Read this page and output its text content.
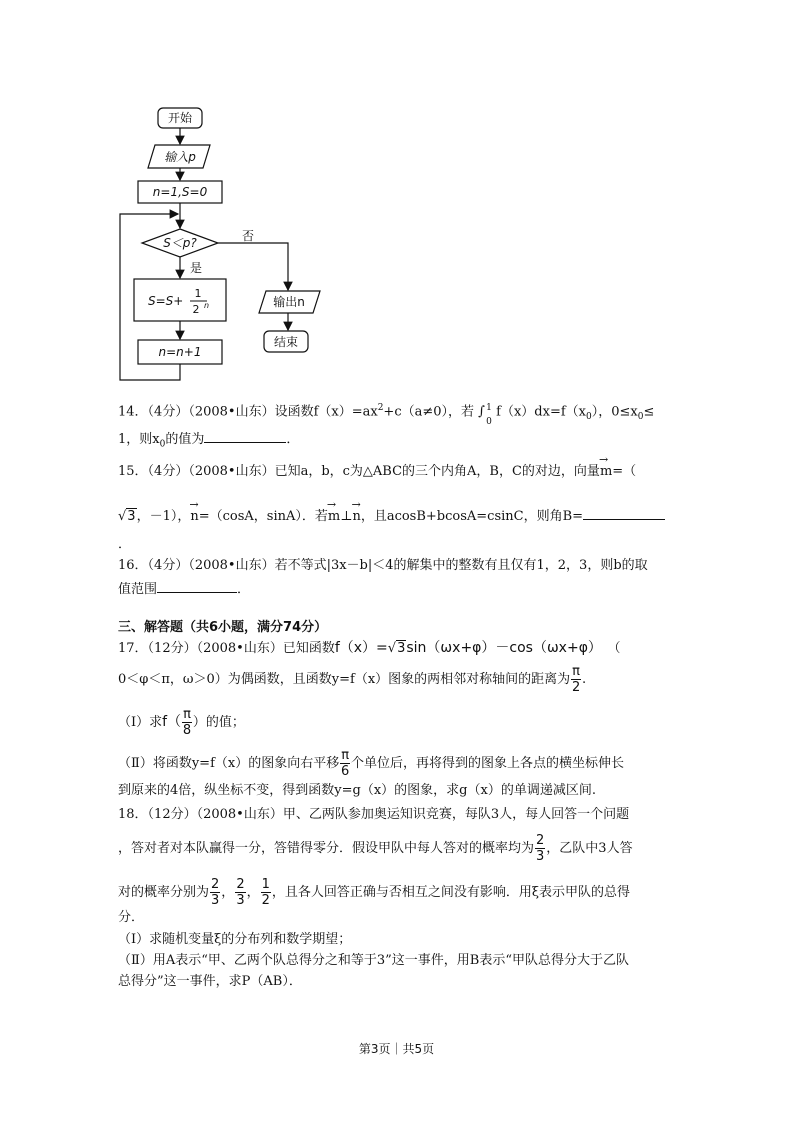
开始
输入p
n=1,S=0
S＜p?	否
是
S=S+
1
2 n
n=n+1
输出n
结束
14．（4分）（2008•山东）设函数$f(x)=ax^2+c(a\ne 0)$，若 ∫ 1
0
$f(x)dx=f(x_0)$，$0\le x_0\le$
1，则$x_0$的值为	．
15．（4分）（2008•山东）已知a，b，c为△ABC的三个内角A，B，C的对边，向量→ m=（
√3，－1），→ n=（cosA，sinA）．若→ m⊥→ n，且acosB+bcosA=csinC，则角B=
．
16．（4分）（2008•山东）若不等式|3x－b|＜4的解集中的整数有且仅有1，2，3，则b的取
值范围	．
三、解答题（共6小题，满分74分）
17．（12分）（2008•山东）已知函数f（x）=√3sin（ωx+φ）－cos（ωx+φ） （
0＜φ＜π，ω＞0）为偶函数，且函数y=f（x）图象的两相邻对称轴间的距离为 $\frac{\pi}{2}$ .
（Ⅰ）求$f( \frac{\pi}{8}$ ）的值；
（Ⅱ）将函数y=f（x）的图象向右平移 $\frac{\pi}{6}$ 个单位后，再将得到的图象上各点的横坐标伸长
到原来的4倍，纵坐标不变，得到函数y=g（x）的图象，求g（x）的单调递减区间.
18．（12分）（2008•山东）甲、乙两队参加奥运知识竞赛，每队3人，每人回答一个问题
，答对者对本队赢得一分，答错得零分．假设甲队中每人答对的概率均为 $\frac{2}{3}$ ，乙队中3人答
对的概率分别为 $\frac{2}{3}$ ， $\frac{2}{3}$ ， $\frac{1}{2}$ ，且各人回答正确与否相互之间没有影响．用ξ表示甲队的总得
分．
（Ⅰ）求随机变量ξ的分布列和数学期望；
（Ⅱ）用A表示“甲、乙两个队总得分之和等于3”这一事件，用B表示“甲队总得分大于乙队
总得分”这一事件，求P（AB）．
第3页｜共5页
